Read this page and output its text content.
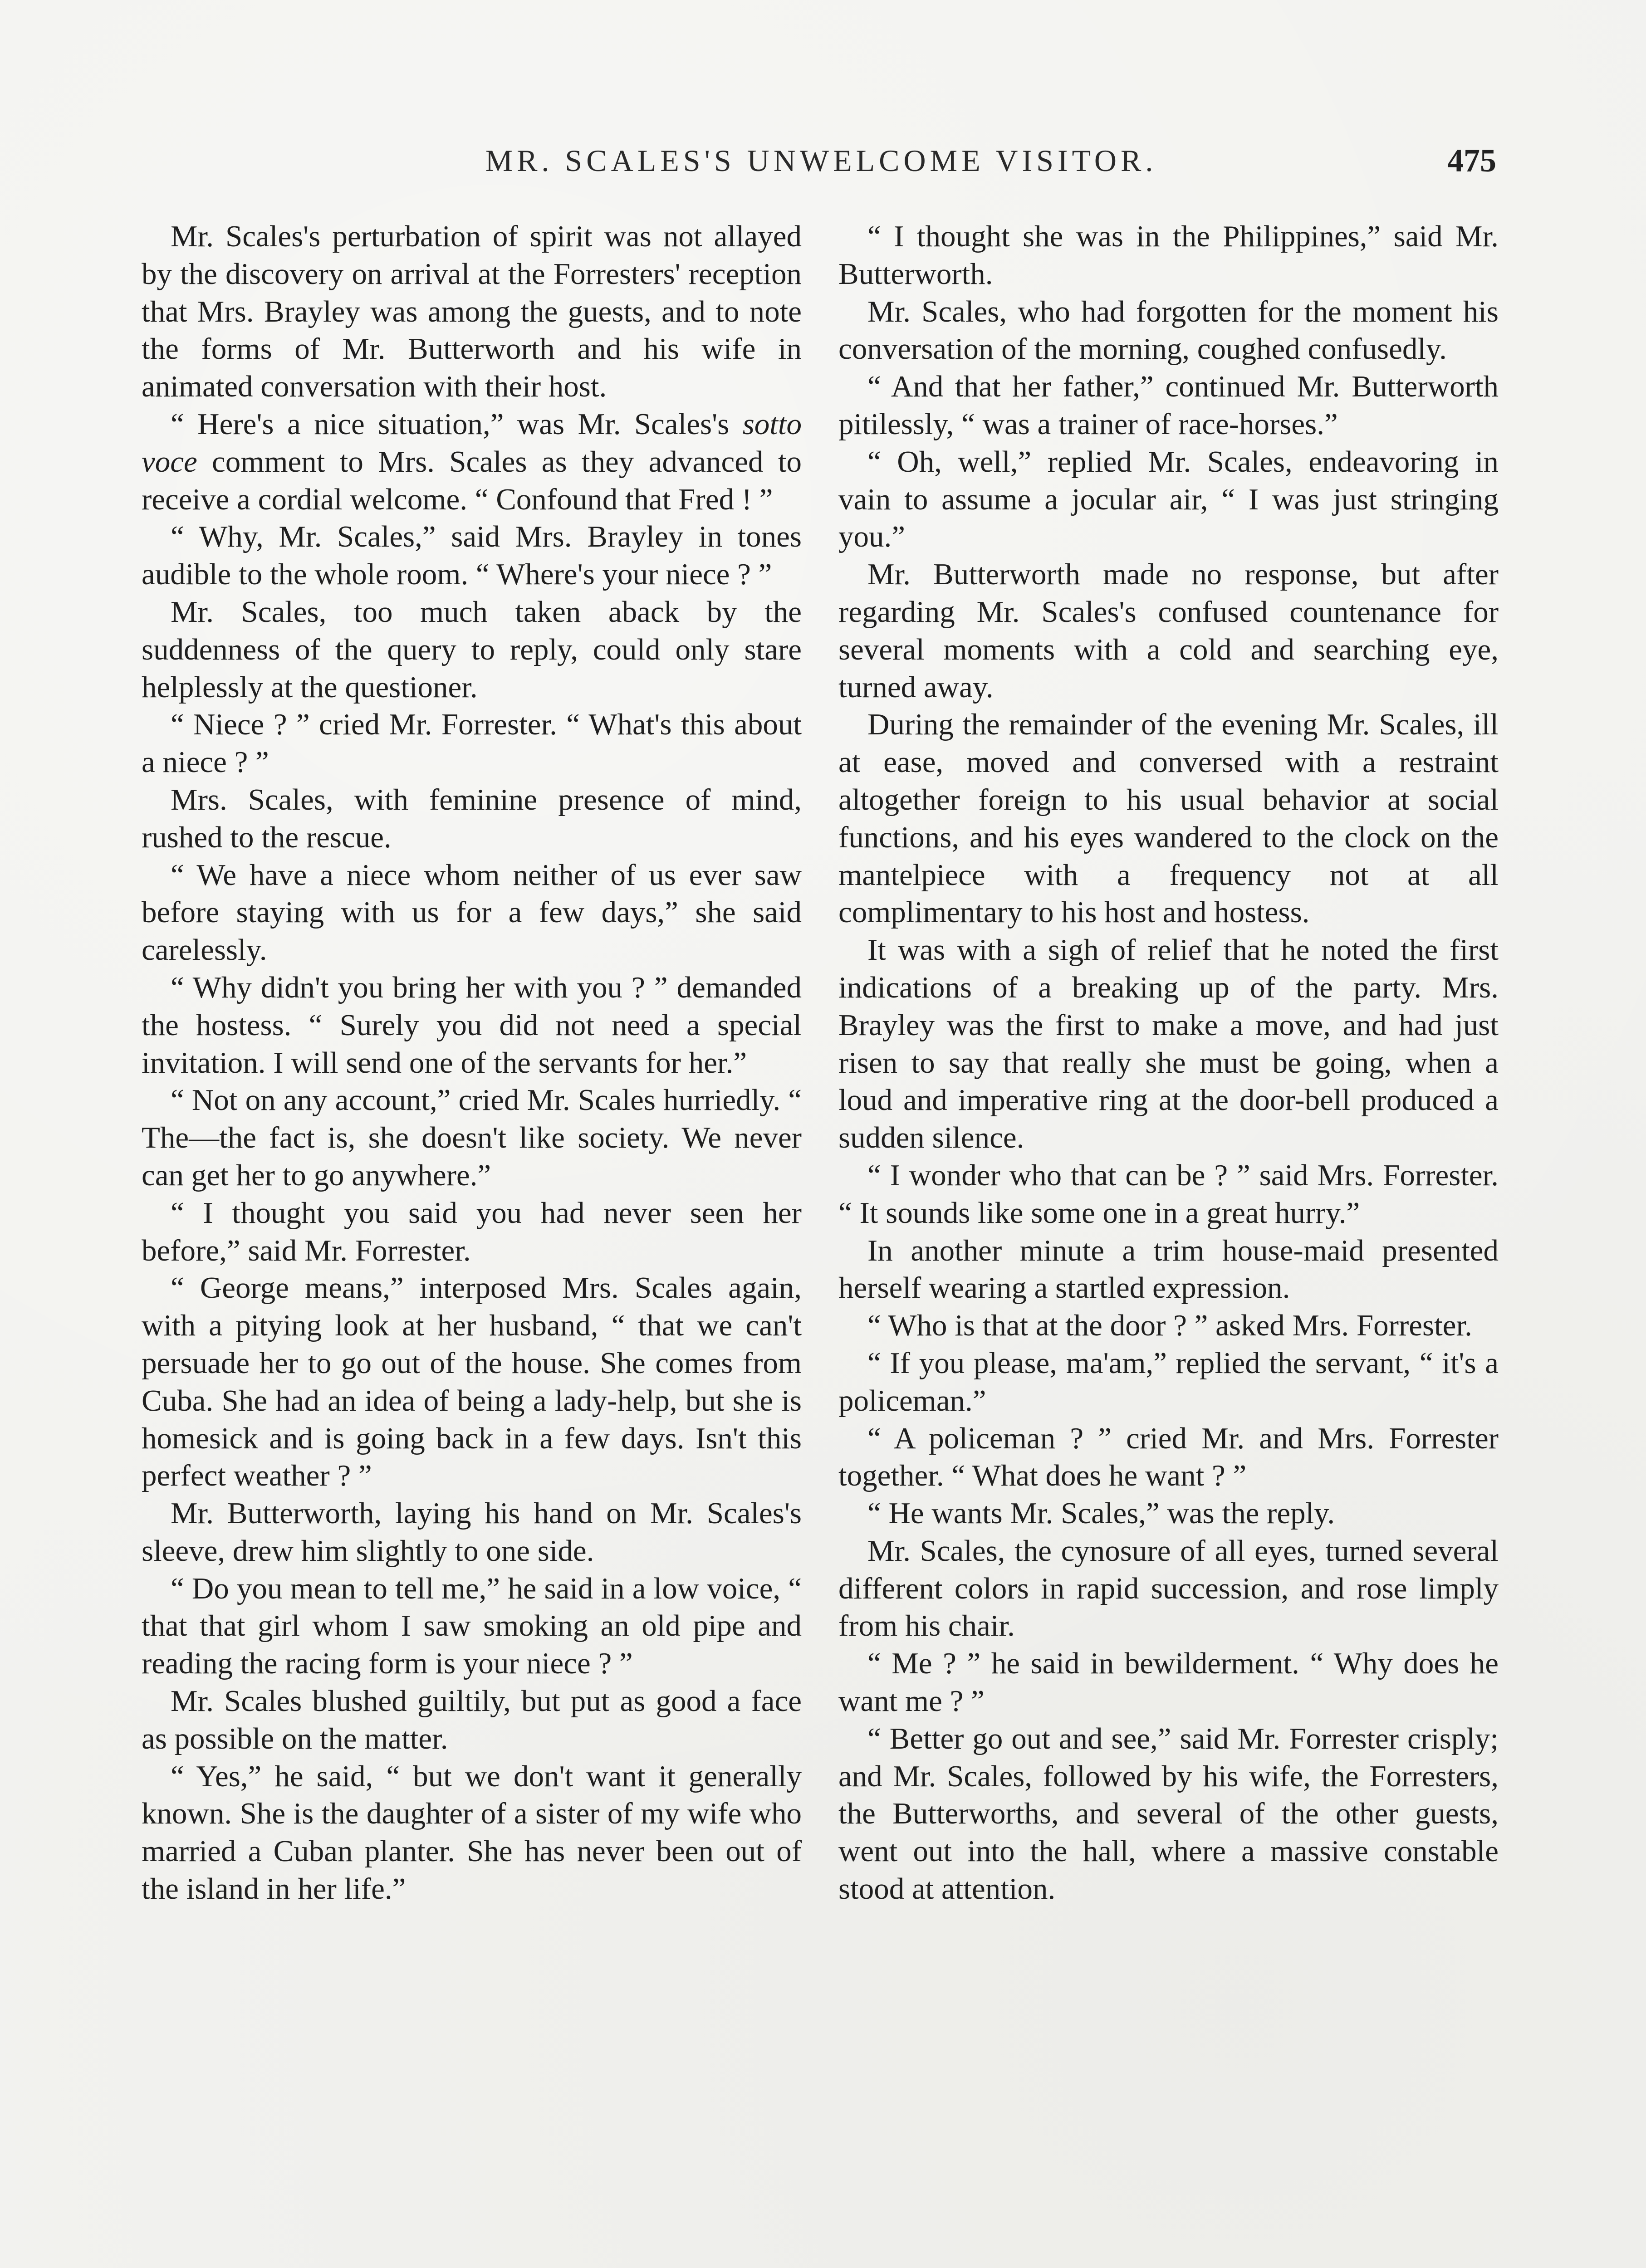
MR. SCALES'S UNWELCOME VISITOR.	475

Mr. Scales's perturbation of spirit was not allayed by the discovery on arrival at the Forresters' reception that Mrs. Brayley was among the guests, and to note the forms of Mr. Butterworth and his wife in animated conversation with their host.

“ Here's a nice situation,” was Mr. Scales's sotto voce comment to Mrs. Scales as they advanced to receive a cordial welcome. “ Confound that Fred ! ”

“ Why, Mr. Scales,” said Mrs. Brayley in tones audible to the whole room. “ Where's your niece ? ”

Mr. Scales, too much taken aback by the suddenness of the query to reply, could only stare helplessly at the questioner.

“ Niece ? ” cried Mr. Forrester. “ What's this about a niece ? ”

Mrs. Scales, with feminine presence of mind, rushed to the rescue.

“ We have a niece whom neither of us ever saw before staying with us for a few days,” she said carelessly.

“ Why didn't you bring her with you ? ” demanded the hostess. “ Surely you did not need a special invitation. I will send one of the servants for her.”

“ Not on any account,” cried Mr. Scales hurriedly. “ The—the fact is, she doesn't like society. We never can get her to go anywhere.”

“ I thought you said you had never seen her before,” said Mr. Forrester.

“ George means,” interposed Mrs. Scales again, with a pitying look at her husband, “ that we can't persuade her to go out of the house. She comes from Cuba. She had an idea of being a lady-help, but she is homesick and is going back in a few days. Isn't this perfect weather ? ”

Mr. Butterworth, laying his hand on Mr. Scales's sleeve, drew him slightly to one side.

“ Do you mean to tell me,” he said in a low voice, “ that that girl whom I saw smoking an old pipe and reading the racing form is your niece ? ”

Mr. Scales blushed guiltily, but put as good a face as possible on the matter.

“ Yes,” he said, “ but we don't want it generally known. She is the daughter of a sister of my wife who married a Cuban planter. She has never been out of the island in her life.”

“ I thought she was in the Philippines,” said Mr. Butterworth.

Mr. Scales, who had forgotten for the moment his conversation of the morning, coughed confusedly.

“ And that her father,” continued Mr. Butterworth pitilessly, “ was a trainer of race-horses.”

“ Oh, well,” replied Mr. Scales, endeavoring in vain to assume a jocular air, “ I was just stringing you.”

Mr. Butterworth made no response, but after regarding Mr. Scales's confused countenance for several moments with a cold and searching eye, turned away.

During the remainder of the evening Mr. Scales, ill at ease, moved and conversed with a restraint altogether foreign to his usual behavior at social functions, and his eyes wandered to the clock on the mantelpiece with a frequency not at all complimentary to his host and hostess.

It was with a sigh of relief that he noted the first indications of a breaking up of the party. Mrs. Brayley was the first to make a move, and had just risen to say that really she must be going, when a loud and imperative ring at the door-bell produced a sudden silence.

“ I wonder who that can be ? ” said Mrs. Forrester. “ It sounds like some one in a great hurry.”

In another minute a trim house-maid presented herself wearing a startled expression.

“ Who is that at the door ? ” asked Mrs. Forrester.

“ If you please, ma'am,” replied the servant, “ it's a policeman.”

“ A policeman ? ” cried Mr. and Mrs. Forrester together. “ What does he want ? ”

“ He wants Mr. Scales,” was the reply.

Mr. Scales, the cynosure of all eyes, turned several different colors in rapid succession, and rose limply from his chair.

“ Me ? ” he said in bewilderment. “ Why does he want me ? ”

“ Better go out and see,” said Mr. Forrester crisply; and Mr. Scales, followed by his wife, the Forresters, the Butterworths, and several of the other guests, went out into the hall, where a massive constable stood at attention.
